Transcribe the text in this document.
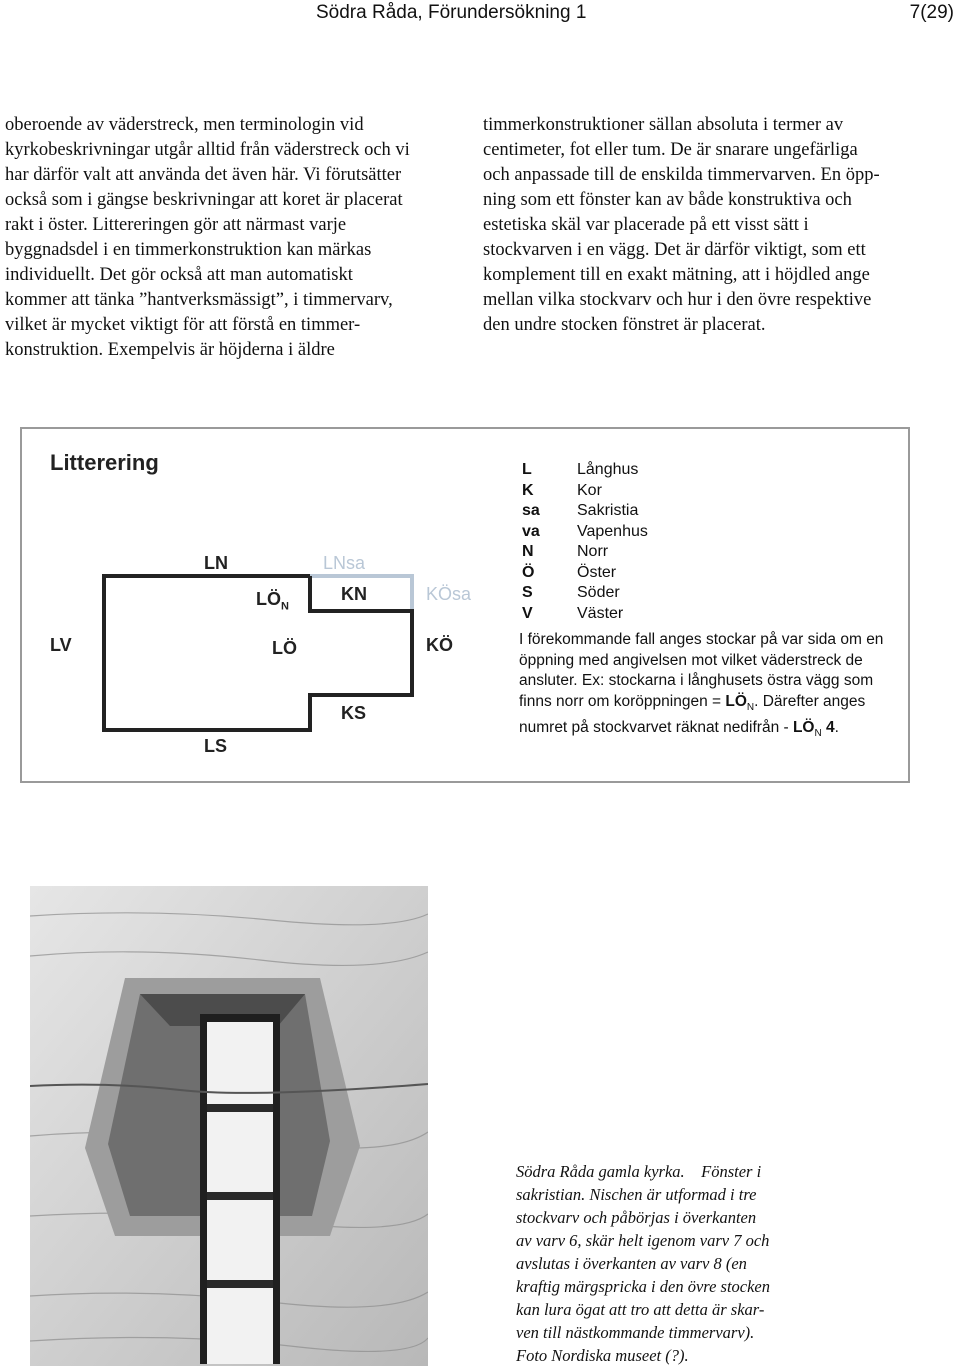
Södra Råda, Förundersökning 1	7(29)

oberoende av väderstreck, men terminologin vid

kyrkobeskrivningar utgår alltid från väderstreck och vi

har därför valt att använda det även här. Vi förutsätter

också som i gängse beskrivningar att koret är placerat

rakt i öster. Littereringen gör att närmast varje

byggnadsdel i en timmerkonstruktion kan märkas

individuellt. Det gör också att man automatiskt

kommer att tänka ”hantverksmässigt”, i timmervarv,

vilket är mycket viktigt för att förstå en timmer-

konstruktion. Exempelvis är höjderna i äldre

timmerkonstruktioner sällan absoluta i termer av

centimeter, fot eller tum. De är snarare ungefärliga

och anpassade till de enskilda timmervarven. En öpp-

ning som ett fönster kan av både konstruktiva och

estetiska skäl var placerade på ett visst sätt i

stockvarven i en vägg. Det är därför viktigt, som ett

komplement till en exakt mätning, att i höjdled ange

mellan vilka stockvarv och hur i den övre respektive

den undre stocken fönstret är placerat.

Litterering
LN	LNsa
$LÖ_N$
KN	KÖsa
LV	LÖ	KÖ
KS
LS
L	Långhus
K	Kor
sa Sakristia
va Vapenhus
N	Norr
Ö	Öster
S	Söder
V	Väster
I förekommande fall anges stockar på var sida om en öppning med angivelsen mot vilket väderstreck de ansluter. Ex: stockarna i långhusets östra vägg som finns norr om koröppningen = $LÖ_N$. Därefter anges numret på stockvarvet räknat nedifrån - $LÖ_N$ 4.

Södra Råda gamla kyrka.    Fönster i

sakristian. Nischen är utformad i tre

stockvarv och påbörjas i överkanten

av varv 6, skär helt igenom varv 7 och

avslutas i överkanten av varv 8 (en

kraftig märgspricka i den övre stocken

kan lura ögat att tro att detta är skar-

ven till nästkommande timmervarv).

Foto Nordiska museet (?).
